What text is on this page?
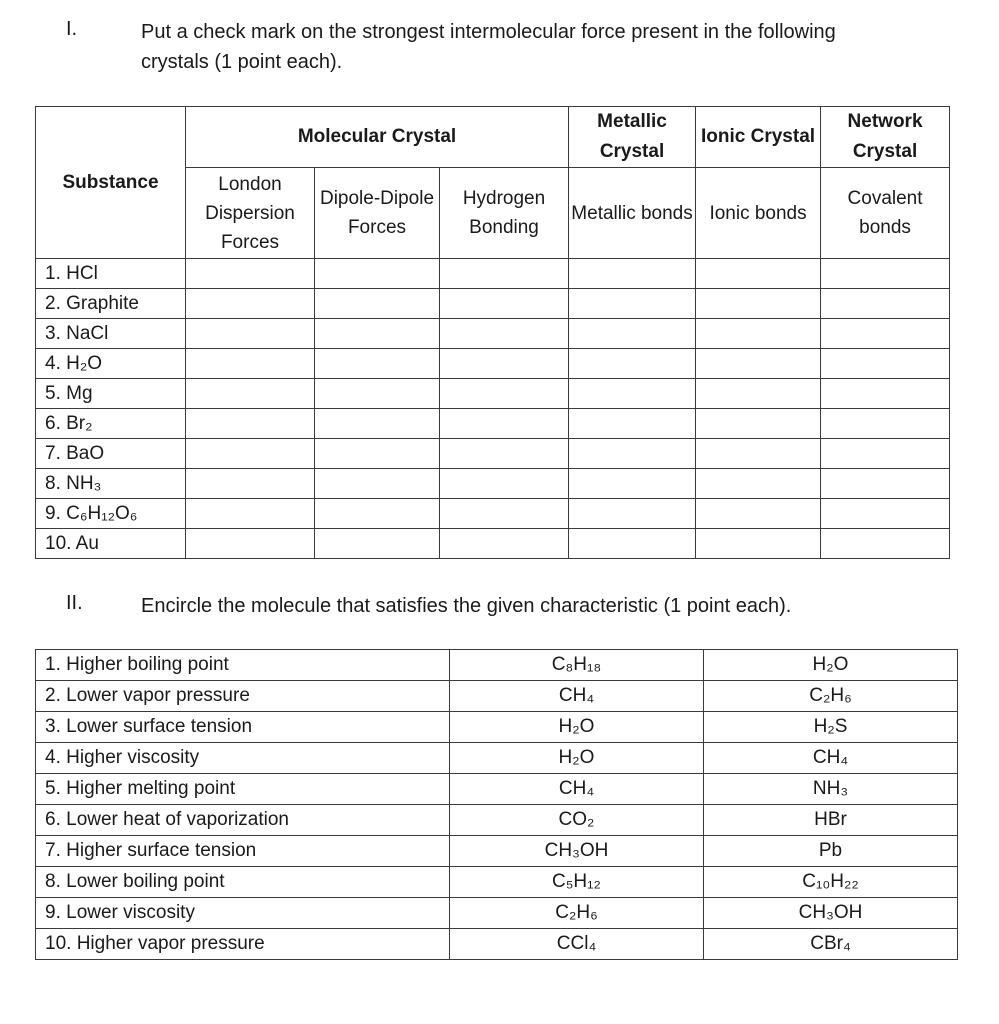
I.	Put a check mark on the strongest intermolecular force present in the following
crystals (1 point each).
Substance	Molecular Crystal			Metallic Crystal	Ionic Crystal	Network Crystal
	London Dispersion Forces	Dipole-Dipole Forces	Hydrogen Bonding	Metallic bonds	Ionic bonds	Covalent bonds
1. HCl						
2. Graphite						
3. NaCl						
4. H₂O						
5. Mg						
6. Br₂						
7. BaO						
8. NH₃						
9. C₆H₁₂O₆						
10. Au						
II.	Encircle the molecule that satisfies the given characteristic (1 point each).
1. Higher boiling point	C₈H₁₈	H₂O
2. Lower vapor pressure	CH₄	C₂H₆
3. Lower surface tension	H₂O	H₂S
4. Higher viscosity	H₂O	CH₄
5. Higher melting point	CH₄	NH₃
6. Lower heat of vaporization	CO₂	HBr
7. Higher surface tension	CH₃OH	Pb
8. Lower boiling point	C₅H₁₂	C₁₀H₂₂
9. Lower viscosity	C₂H₆	CH₃OH
10. Higher vapor pressure	CCl₄	CBr₄
